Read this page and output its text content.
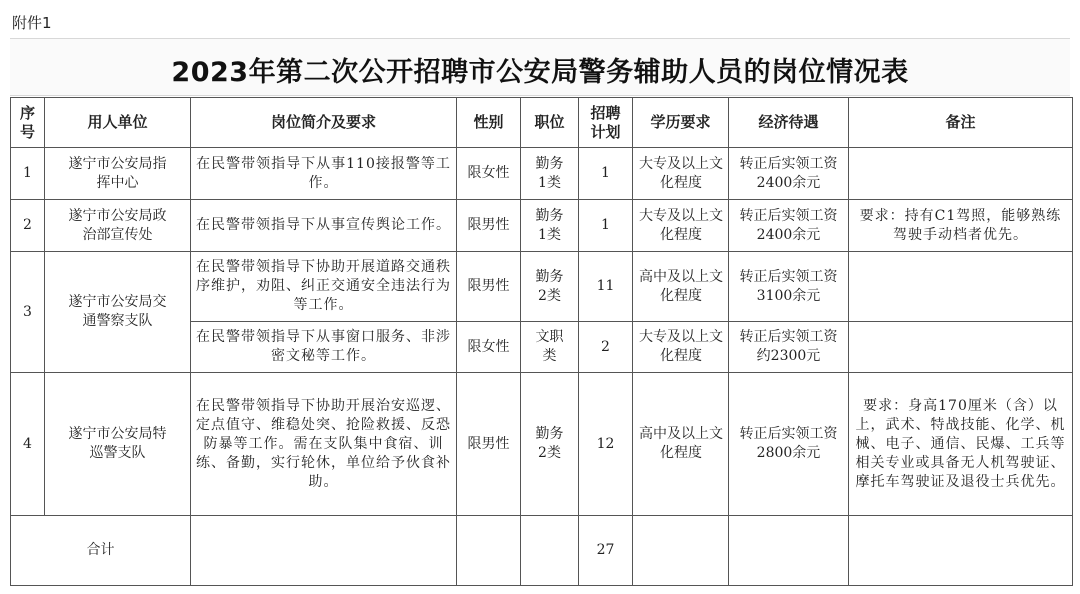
附件1
2023年第二次公开招聘市公安局警务辅助人员的岗位情况表
序号	用人单位	岗位简介及要求	性别	职位	招聘计划	学历要求	经济待遇	备注
1	遂宁市公安局指挥中心	在民警带领指导下从事110接报警等工作。	限女性	勤务1类	1	大专及以上文化程度	转正后实领工资2400余元	

2	遂宁市公安局政治部宣传处	在民警带领指导下从事宣传舆论工作。	限男性	勤务1类	1	大专及以上文化程度	转正后实领工资2400余元	要求：持有C1驾照，能够熟练驾驶手动档者优先。
3	遂宁市公安局交通警察支队	在民警带领指导下协助开展道路交通秩序维护，劝阻、纠正交通安全违法行为等工作。	限男性	勤务2类	11	高中及以上文化程度	转正后实领工资3100余元	

		在民警带领指导下从事窗口服务、非涉密文秘等工作。	限女性	文职类	2	大专及以上文化程度	转正后实领工资约2300元	

4	遂宁市公安局特巡警支队	在民警带领指导下协助开展治安巡逻、定点值守、维稳处突、抢险救援、反恐防暴等工作。需在支队集中食宿、训练、备勤，实行轮休，单位给予伙食补助。	限男性	勤务2类	12	高中及以上文化程度	转正后实领工资2800余元	要求：身高170厘米（含）以上，武术、特战技能、化学、机械、电子、通信、民爆、工兵等相关专业或具备无人机驾驶证、摩托车驾驶证及退役士兵优先。
合计					27			
